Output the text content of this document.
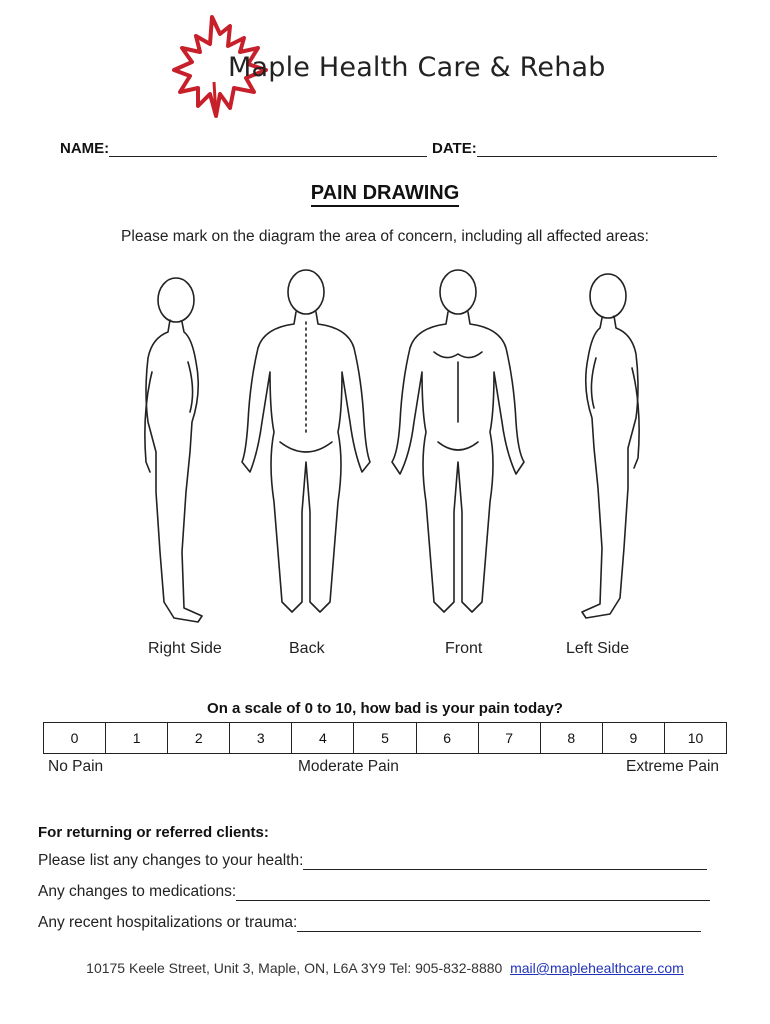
Maple Health Care & Rehab
NAME:	DATE:
PAIN DRAWING
Please mark on the diagram the area of concern, including all affected areas:
Right Side	Back	Front	Left Side
On a scale of 0 to 10, how bad is your pain today?
0	1	2	3	4	5	6	7	8	9	10
No Pain	Moderate Pain	Extreme Pain
For returning or referred clients:
Please list any changes to your health:
Any changes to medications:
Any recent hospitalizations or trauma:
10175 Keele Street, Unit 3, Maple, ON, L6A 3Y9 Tel: 905-832-8880 mail@maplehealthcare.com
